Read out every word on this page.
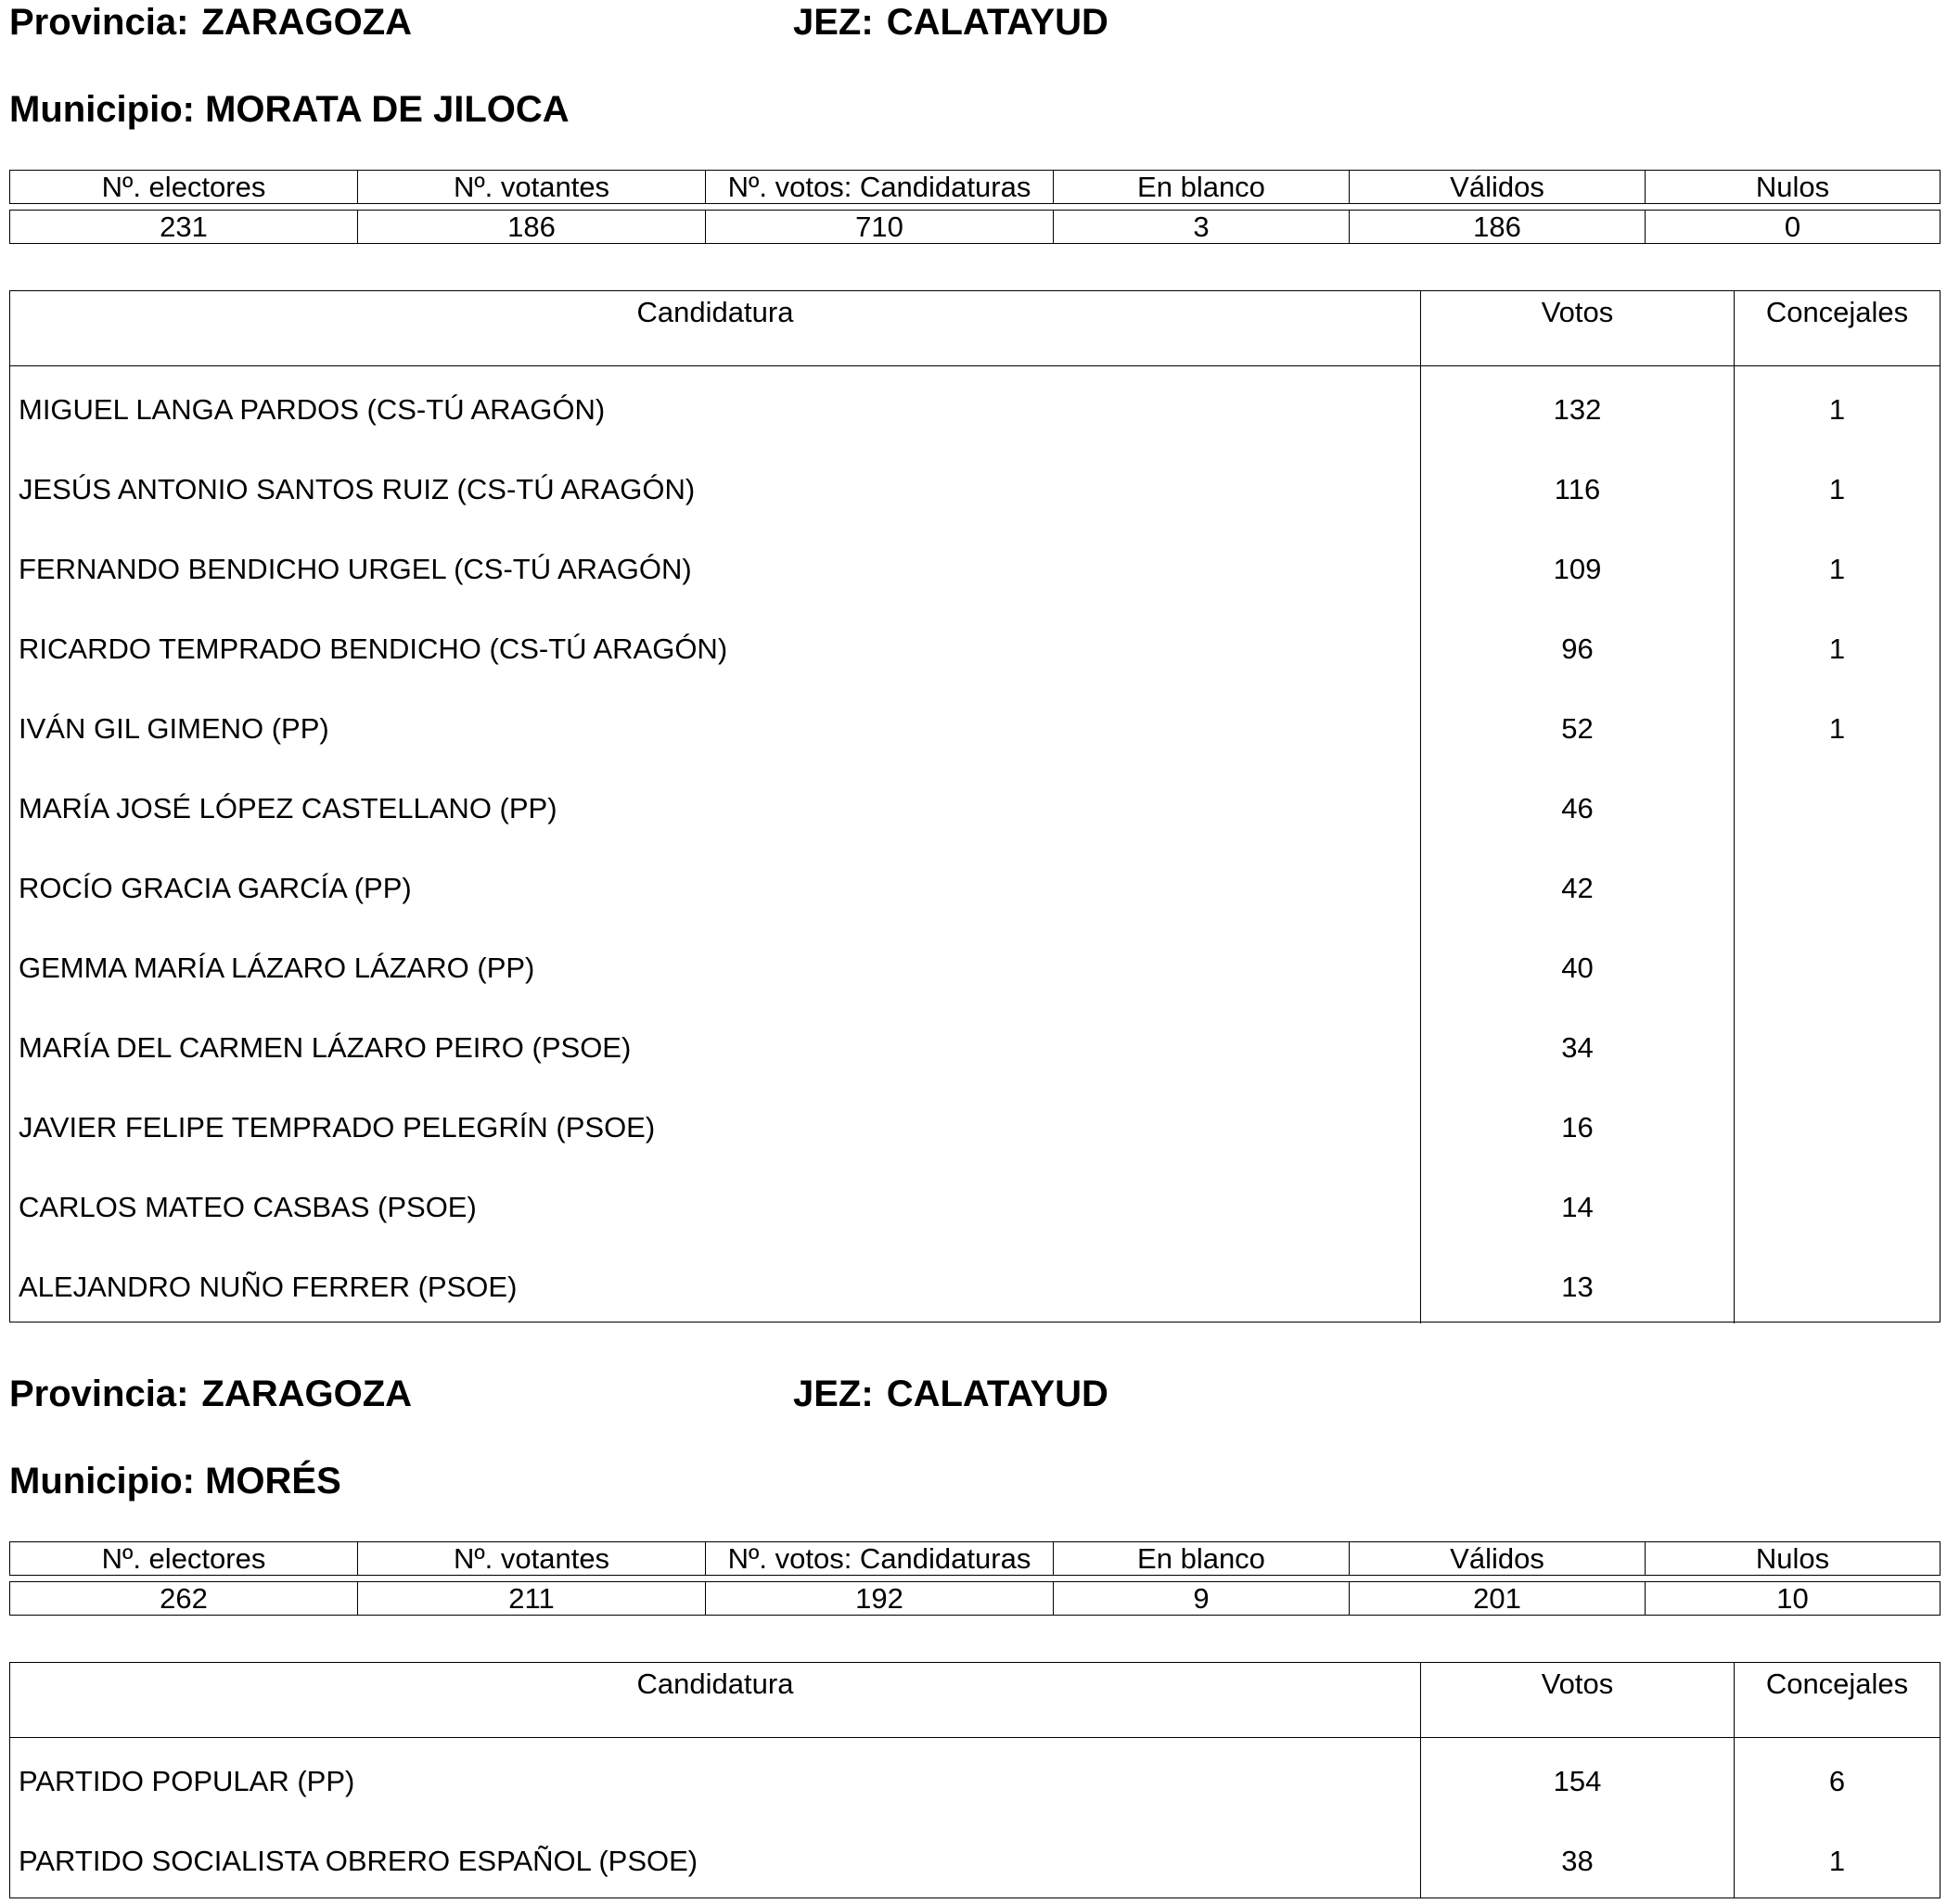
Provincia: ZARAGOZA	JEZ: CALATAYUD
Municipio: MORATA DE JILOCA
Nº. electores	Nº. votantes	Nº. votos: Candidaturas	En blanco	Válidos	Nulos
231	186	710	3	186	0
Candidatura	Votos	Concejales
MIGUEL LANGA PARDOS (CS-TÚ ARAGÓN)	132	1
JESÚS ANTONIO SANTOS RUIZ (CS-TÚ ARAGÓN)	116	1
FERNANDO BENDICHO URGEL (CS-TÚ ARAGÓN)	109	1
RICARDO TEMPRADO BENDICHO (CS-TÚ ARAGÓN)	96	1
IVÁN GIL GIMENO (PP)	52	1
MARÍA JOSÉ LÓPEZ CASTELLANO (PP)	46
ROCÍO GRACIA GARCÍA (PP)	42
GEMMA MARÍA LÁZARO LÁZARO (PP)	40
MARÍA DEL CARMEN LÁZARO PEIRO (PSOE)	34
JAVIER FELIPE TEMPRADO PELEGRÍN (PSOE)	16
CARLOS MATEO CASBAS (PSOE)	14
ALEJANDRO NUÑO FERRER (PSOE)	13
Provincia: ZARAGOZA	JEZ: CALATAYUD
Municipio: MORÉS
Nº. electores	Nº. votantes	Nº. votos: Candidaturas	En blanco	Válidos	Nulos
262	211	192	9	201	10
Candidatura	Votos	Concejales
PARTIDO POPULAR (PP)	154	6
PARTIDO SOCIALISTA OBRERO ESPAÑOL (PSOE)	38	1
